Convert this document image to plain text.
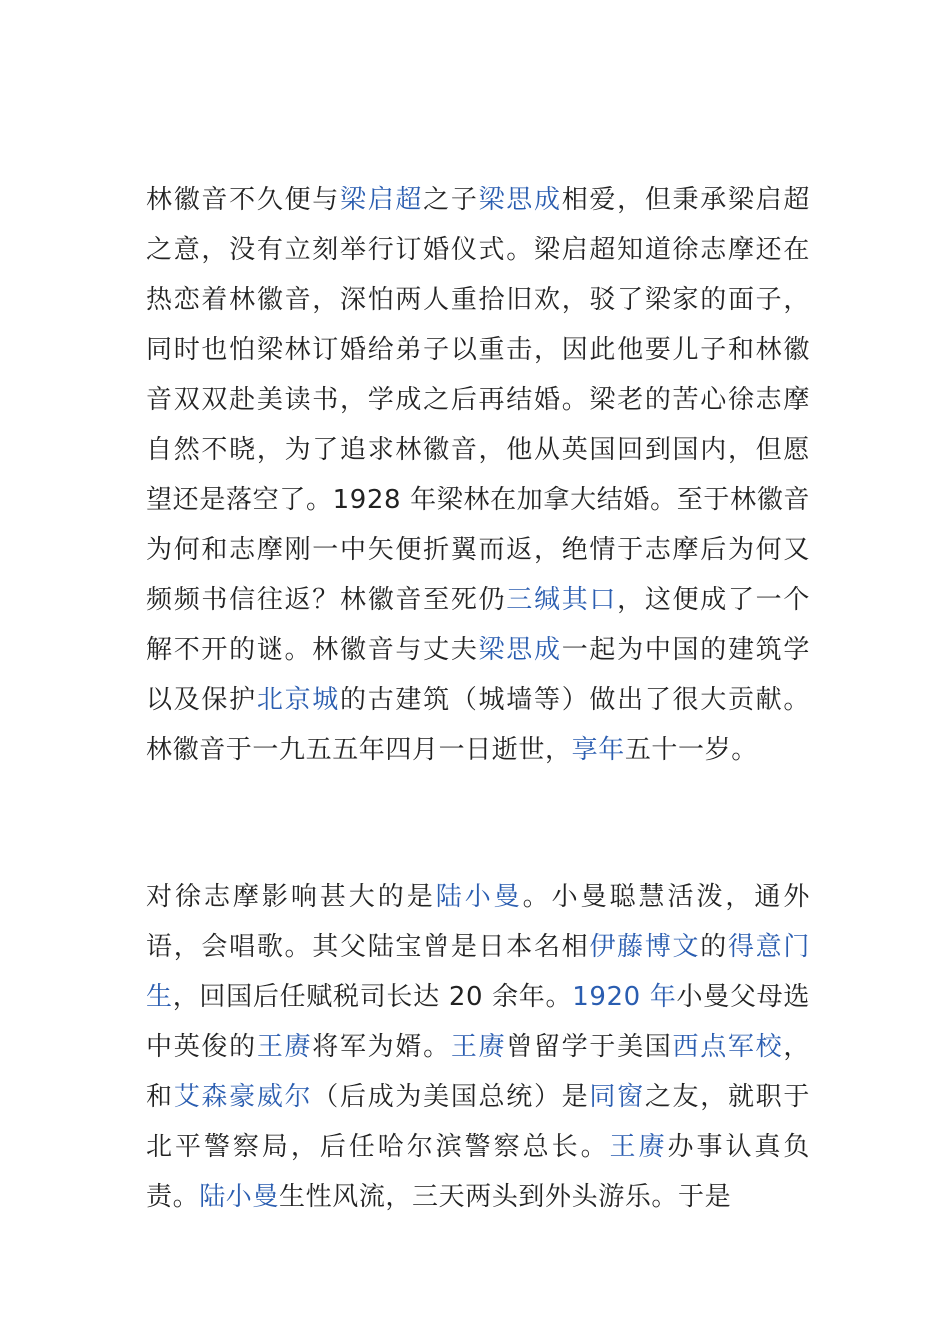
林徽音不久便与梁启超之子梁思成相爱，但秉承梁启超之意，没有立刻举行订婚仪式。梁启超知道徐志摩还在热恋着林徽音，深怕两人重拾旧欢，驳了梁家的面子，同时也怕梁林订婚给弟子以重击，因此他要儿子和林徽音双双赴美读书，学成之后再结婚。梁老的苦心徐志摩自然不晓，为了追求林徽音，他从英国回到国内，但愿望还是落空了。1928 年梁林在加拿大结婚。至于林徽音为何和志摩刚一中矢便折翼而返，绝情于志摩后为何又频频书信往返？林徽音至死仍三缄其口，这便成了一个解不开的谜。林徽音与丈夫梁思成一起为中国的建筑学以及保护北京城的古建筑（城墙等）做出了很大贡献。林徽音于一九五五年四月一日逝世，享年五十一岁。

对徐志摩影响甚大的是陆小曼。小曼聪慧活泼，通外语，会唱歌。其父陆宝曾是日本名相伊藤博文的得意门生，回国后任赋税司长达 20 余年。1920 年小曼父母选中英俊的王赓将军为婿。王赓曾留学于美国西点军校，和艾森豪威尔（后成为美国总统）是同窗之友，就职于北平警察局，后任哈尔滨警察总长。王赓办事认真负责。陆小曼生性风流，三天两头到外头游乐。于是
